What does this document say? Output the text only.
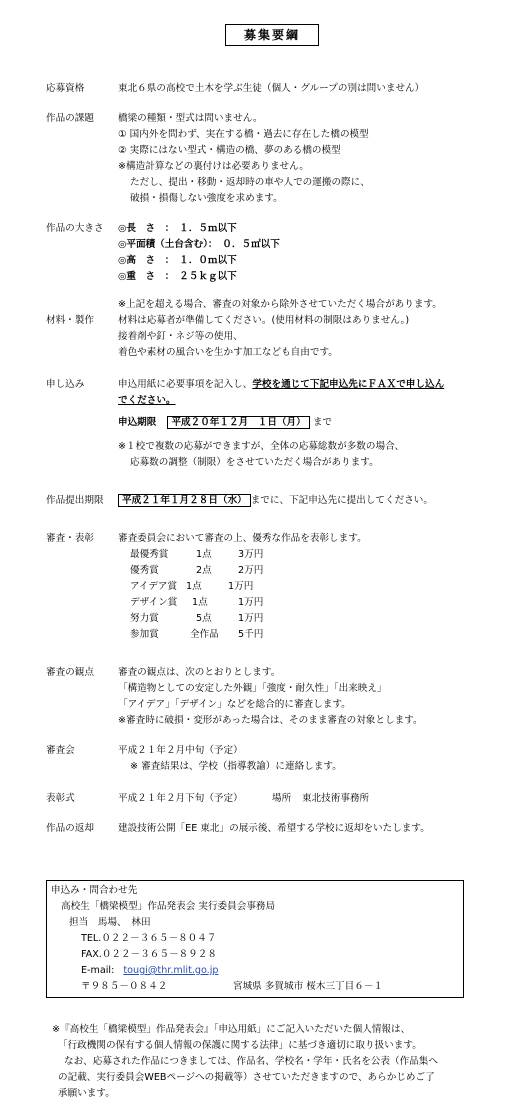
募集要綱
応募資格	東北６県の高校で土木を学ぶ生徒（個人・グループの別は問いません）
作品の課題	橋梁の種類・型式は問いません。
① 国内外を問わず、実在する橋・過去に存在した橋の模型
② 実際にはない型式・構造の橋、夢のある橋の模型
※構造計算などの裏付けは必要ありません。
ただし、提出・移動・返却時の車や人での運搬の際に、
破損・損傷しない強度を求めます。
作品の大きさ ◎長　さ　：　１．５ｍ以下
◎平面積（土台含む）：　０．５㎡以下
◎高　さ　：　１．０ｍ以下
◎重　さ　：　２５ｋｇ以下
※上記を超える場合、審査の対象から除外させていただく場合があります。
材料・製作	材料は応募者が準備してください。(使用材料の制限はありません。)
接着剤や釘・ネジ等の使用、
着色や素材の風合いを生かす加工なども自由です。
申し込み	申込用紙に必要事項を記入し、学校を通じて下記申込先にＦＡＸで申し込ん
でください。
申込期限 平成２０年１２月　１日（月） まで
※１校で複数の応募ができますが、全体の応募総数が多数の場合、
応募数の調整（制限）をさせていただく場合があります。
作品提出期限	平成２１年１月２８日（水） までに、下記申込先に提出してください。
審査・表彰	審査委員会において審査の上、優秀な作品を表彰します。
最優秀賞	1点	3万円
優秀賞	2点	2万円
アイデア賞 1点	1万円
デザイン賞 1点	1万円
努力賞	5点	1万円
参加賞	全作品 5千円
審査の観点	審査の観点は、次のとおりとします。
「構造物としての安定した外観」「強度・耐久性」「出来映え」
「アイデア」「デザイン」などを総合的に審査します。
※審査時に破損・変形があった場合は、そのまま審査の対象とします。
審査会	平成２１年２月中旬（予定）
※ 審査結果は、学校（指導教諭）に連絡します。
表彰式	平成２１年２月下旬（予定）	場所 東北技術事務所
作品の返却	建設技術公開「EE 東北」の展示後、希望する学校に返却をいたします。
申込み・問合わせ先
高校生「橋梁模型」作品発表会 実行委員会事務局
担当　馬場、　林田
TEL.０２２－３６５－８０４７
FAX.０２２－３６５－８９２８
E-mail: tougi@thr.mlit.go.jp
〒９８５－０８４２	宮城県 多賀城市 桜木三丁目６－１
※『高校生「橋梁模型」作品発表会』「申込用紙」にご記入いただいた個人情報は、
「行政機関の保有する個人情報の保護に関する法律」に基づき適切に取り扱います。
なお、応募された作品につきましては、作品名、学校名・学年・氏名を公表（作品集へ
の記載、実行委員会WEBページへの掲載等）させていただきますので、あらかじめご了
承願います。
